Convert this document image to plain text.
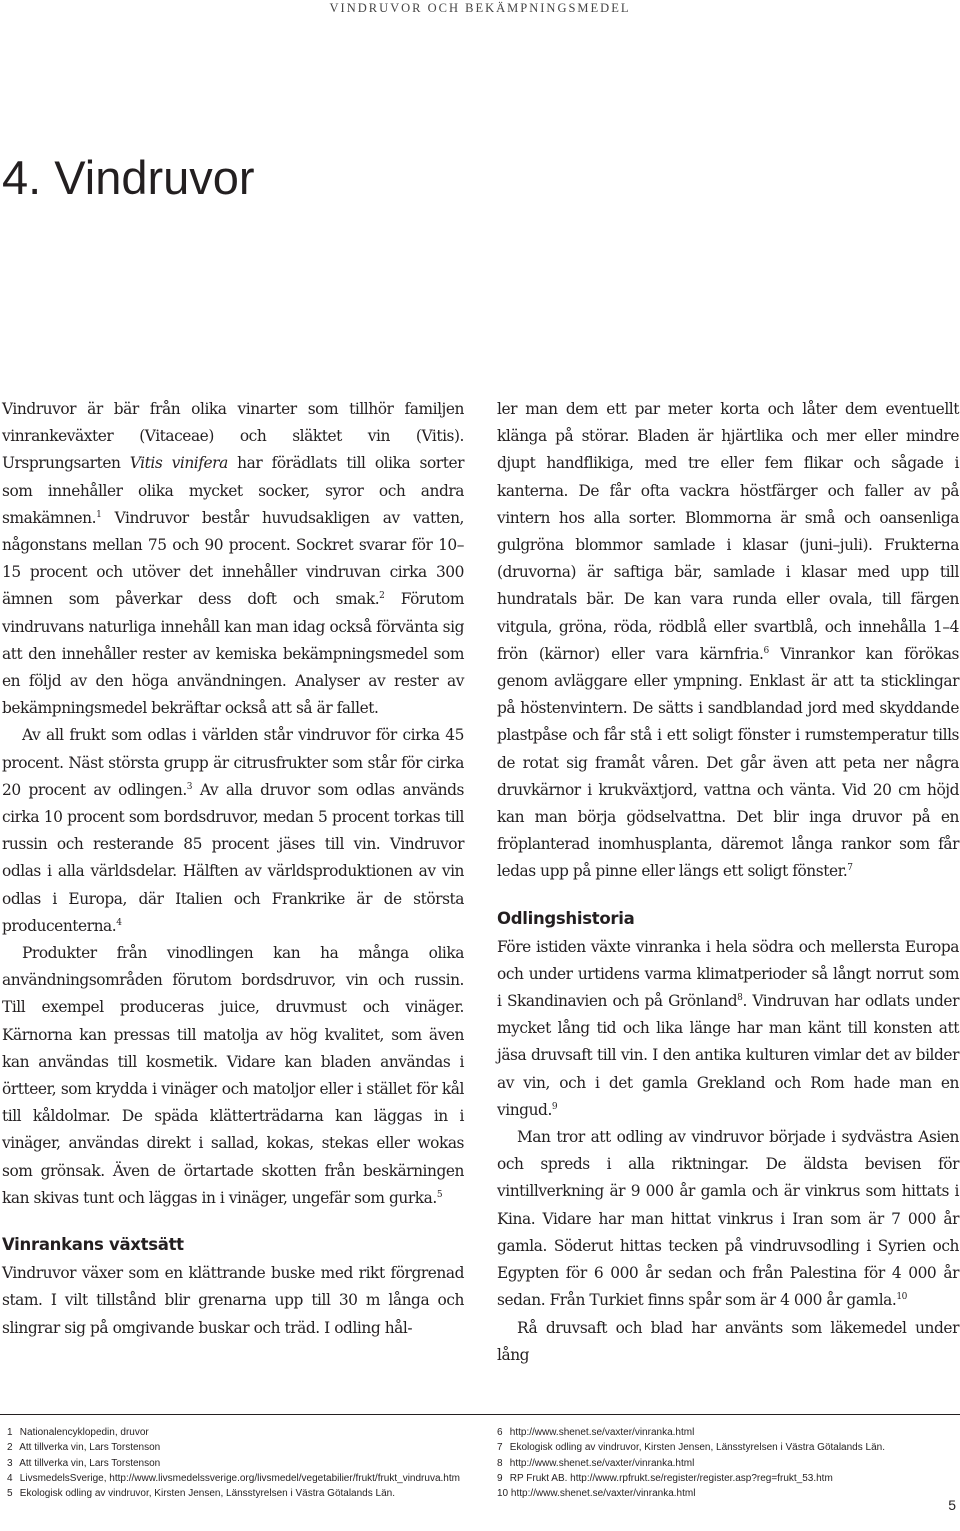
VINDRUVOR OCH BEKÄMPNINGSMEDEL
4. Vindruvor

Vindruvor är bär från olika vinarter som tillhör familjen vinrankeväxter (Vitaceae) och släktet vin (Vitis). Ursprungsarten Vitis vinifera har förädlats till olika sorter som innehåller olika mycket socker, syror och andra smakämnen.$^1$ Vindruvor består huvudsakligen av vatten, någonstans mellan 75 och 90 procent. Sockret svarar för 10–15 procent och utöver det innehåller vindruvan cirka 300 ämnen som påverkar dess doft och smak.$^2$ Förutom vindruvans naturliga innehåll kan man idag också förvänta sig att den innehåller rester av kemiska bekämpningsmedel som en följd av den höga användningen. Analyser av rester av bekämpningsmedel bekräftar också att så är fallet.

Av all frukt som odlas i världen står vindruvor för cirka 45 procent. Näst största grupp är citrusfrukter som står för cirka 20 procent av odlingen.$^3$ Av alla druvor som odlas används cirka 10 procent som bordsdruvor, medan 5 procent torkas till russin och resterande 85 procent jäses till vin. Vindruvor odlas i alla världsdelar. Hälften av världsproduktionen av vin odlas i Europa, där Italien och Frankrike är de största producenterna.$^4$

Produkter från vinodlingen kan ha många olika användningsområden förutom bordsdruvor, vin och russin. Till exempel produceras juice, druvmust och vinäger. Kärnorna kan pressas till matolja av hög kvalitet, som även kan användas till kosmetik. Vidare kan bladen användas i örtteer, som krydda i vinäger och matoljor eller i stället för kål till kåldolmar. De späda klätterträdarna kan läggas in i vinäger, användas direkt i sallad, kokas, stekas eller wokas som grönsak. Även de örtartade skotten från beskärningen kan skivas tunt och läggas in i vinäger, ungefär som gurka.$^5$

Vinrankans växtsätt

Vindruvor växer som en klättrande buske med rikt förgrenad stam. I vilt tillstånd blir grenarna upp till 30 m långa och slingrar sig på omgivande buskar och träd. I odling hål-

ler man dem ett par meter korta och låter dem eventuellt klänga på störar. Bladen är hjärtlika och mer eller mindre djupt handflikiga, med tre eller fem flikar och sågade i kanterna. De får ofta vackra höstfärger och faller av på vintern hos alla sorter. Blommorna är små och oansenliga gulgröna blommor samlade i klasar (juni–juli). Frukterna (druvorna) är saftiga bär, samlade i klasar med upp till hundratals bär. De kan vara runda eller ovala, till färgen vitgula, gröna, röda, rödblå eller svartblå, och innehålla 1–4 frön (kärnor) eller vara kärnfria.$^6$ Vinrankor kan förökas genom avläggare eller ympning. Enklast är att ta sticklingar på höstenvintern. De sätts i sandblandad jord med skyddande plastpåse och får stå i ett soligt fönster i rumstemperatur tills de rotat sig framåt våren. Det går även att peta ner några druvkärnor i krukväxtjord, vattna och vänta. Vid 20 cm höjd kan man börja gödselvattna. Det blir inga druvor på en fröplanterad inomhusplanta, däremot långa rankor som får ledas upp på pinne eller längs ett soligt fönster.$^7$

Odlingshistoria

Före istiden växte vinranka i hela södra och mellersta Europa och under urtidens varma klimatperioder så långt norrut som i Skandinavien och på Grönland$^8$. Vindruvan har odlats under mycket lång tid och lika länge har man känt till konsten att jäsa druvsaft till vin. I den antika kulturen vimlar det av bilder av vin, och i det gamla Grekland och Rom hade man en vingud.$^9$

Man tror att odling av vindruvor började i sydvästra Asien och spreds i alla riktningar. De äldsta bevisen för vintillverkning är 9 000 år gamla och är vinkrus som hittats i Kina. Vidare har man hittat vinkrus i Iran som är 7 000 år gamla. Söderut hittas tecken på vindruvsodling i Syrien och Egypten för 6 000 år sedan och från Palestina för 4 000 år sedan. Från Turkiet finns spår som är 4 000 år gamla.$^{10}$

Rå druvsaft och blad har använts som läkemedel under lång

1 Nationalencyklopedin, druvor
2 Att tillverka vin, Lars Torstenson
3 Att tillverka vin, Lars Torstenson
4 LivsmedelsSverige, http://www.livsmedelssverige.org/livsmedel/vegetabilier/frukt/frukt_vindruva.htm
5 Ekologisk odling av vindruvor, Kirsten Jensen, Länsstyrelsen i Västra Götalands Län.
6 http://www.shenet.se/vaxter/vinranka.html
7 Ekologisk odling av vindruvor, Kirsten Jensen, Länsstyrelsen i Västra Götalands Län.
8 http://www.shenet.se/vaxter/vinranka.html
9 RP Frukt AB. http://www.rpfrukt.se/register/register.asp?reg=frukt_53.htm
10 http://www.shenet.se/vaxter/vinranka.html
5
